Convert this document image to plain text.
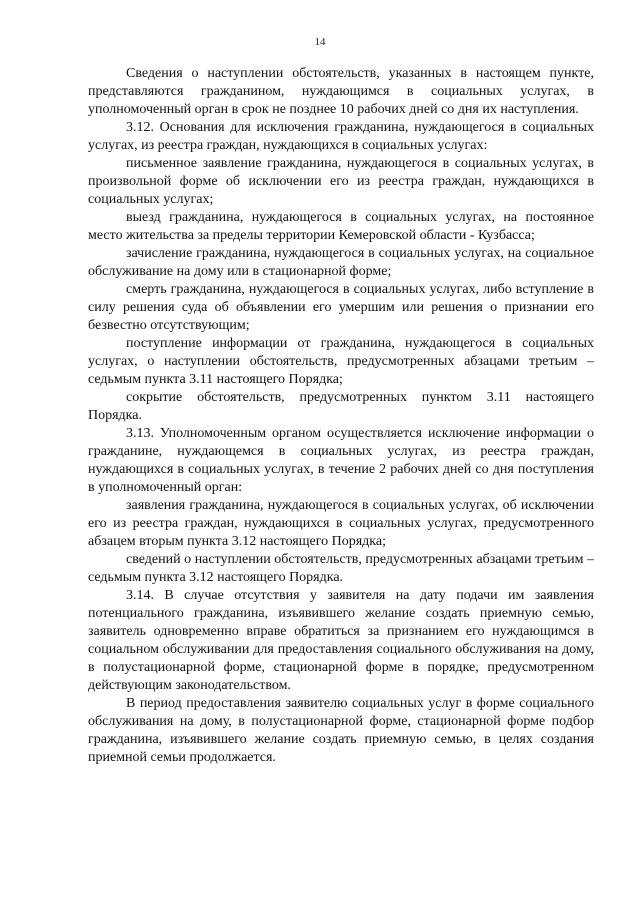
14

Сведения о наступлении обстоятельств, указанных в настоящем пункте, представляются гражданином, нуждающимся в социальных услугах, в уполномоченный орган в срок не позднее 10 рабочих дней со дня их наступления.

3.12. Основания для исключения гражданина, нуждающегося в социальных услугах, из реестра граждан, нуждающихся в социальных услугах:

письменное заявление гражданина, нуждающегося в социальных услугах, в произвольной форме об исключении его из реестра граждан, нуждающихся в социальных услугах;

выезд гражданина, нуждающегося в социальных услугах, на постоянное место жительства за пределы территории Кемеровской области - Кузбасса;

зачисление гражданина, нуждающегося в социальных услугах, на социальное обслуживание на дому или в стационарной форме;

смерть гражданина, нуждающегося в социальных услугах, либо вступление в силу решения суда об объявлении его умершим или решения о признании его безвестно отсутствующим;

поступление информации от гражданина, нуждающегося в социальных услугах, о наступлении обстоятельств, предусмотренных абзацами третьим – седьмым пункта 3.11 настоящего Порядка;

сокрытие обстоятельств, предусмотренных пунктом 3.11 настоящего Порядка.

3.13. Уполномоченным органом осуществляется исключение информации о гражданине, нуждающемся в социальных услугах, из реестра граждан, нуждающихся в социальных услугах, в течение 2 рабочих дней со дня поступления в уполномоченный орган:

заявления гражданина, нуждающегося в социальных услугах, об исключении его из реестра граждан, нуждающихся в социальных услугах, предусмотренного абзацем вторым пункта 3.12 настоящего Порядка;

сведений о наступлении обстоятельств, предусмотренных абзацами третьим – седьмым пункта 3.12 настоящего Порядка.

3.14. В случае отсутствия у заявителя на дату подачи им заявления потенциального гражданина, изъявившего желание создать приемную семью, заявитель одновременно вправе обратиться за признанием его нуждающимся в социальном обслуживании для предоставления социального обслуживания на дому, в полустационарной форме, стационарной форме в порядке, предусмотренном действующим законодательством.

В период предоставления заявителю социальных услуг в форме социального обслуживания на дому, в полустационарной форме, стационарной форме подбор гражданина, изъявившего желание создать приемную семью, в целях создания приемной семьи продолжается.
